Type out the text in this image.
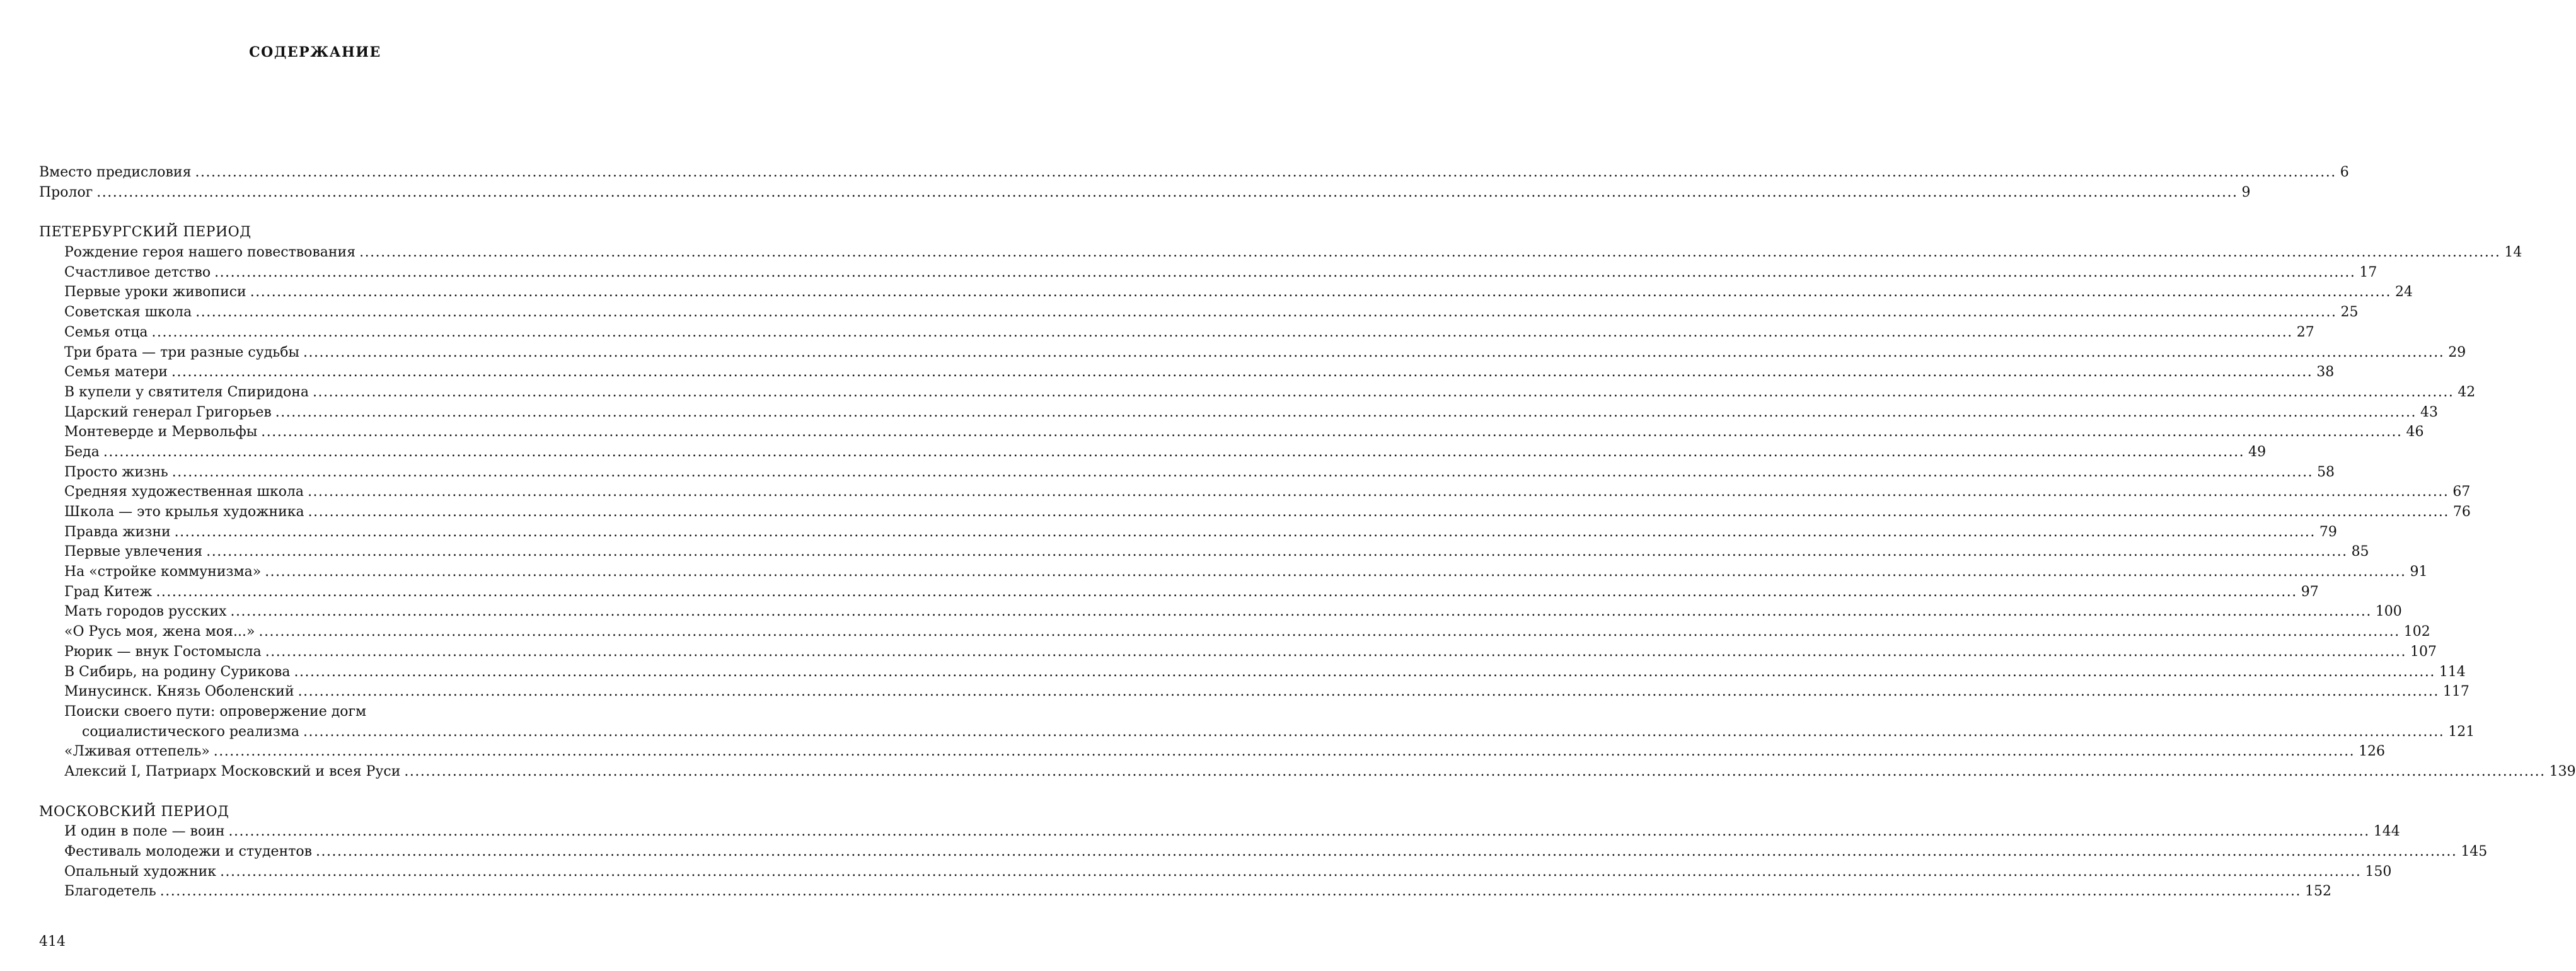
СОДЕРЖАНИЕ
Вместо предисловия ................................................................................................................................................................................................................................................................................................................................................................................................................ 6
Пролог ................................................................................................................................................................................................................................................................................................................................................................................................................ 9
ПЕТЕРБУРГСКИЙ ПЕРИОД
Рождение героя нашего повествования ................................................................................................................................................................................................................................................................................................................................................................................................................ 14
Счастливое детство ................................................................................................................................................................................................................................................................................................................................................................................................................ 17
Первые уроки живописи ................................................................................................................................................................................................................................................................................................................................................................................................................ 24
Советская школа ................................................................................................................................................................................................................................................................................................................................................................................................................ 25
Семья отца ................................................................................................................................................................................................................................................................................................................................................................................................................ 27
Три брата — три разные судьбы ................................................................................................................................................................................................................................................................................................................................................................................................................ 29
Семья матери ................................................................................................................................................................................................................................................................................................................................................................................................................ 38
В купели у святителя Спиридона ................................................................................................................................................................................................................................................................................................................................................................................................................ 42
Царский генерал Григорьев ................................................................................................................................................................................................................................................................................................................................................................................................................ 43
Монтеверде и Мервольфы ................................................................................................................................................................................................................................................................................................................................................................................................................ 46
Беда ................................................................................................................................................................................................................................................................................................................................................................................................................ 49
Просто жизнь ................................................................................................................................................................................................................................................................................................................................................................................................................ 58
Средняя художественная школа ................................................................................................................................................................................................................................................................................................................................................................................................................ 67
Школа — это крылья художника ................................................................................................................................................................................................................................................................................................................................................................................................................ 76
Правда жизни ................................................................................................................................................................................................................................................................................................................................................................................................................ 79
Первые увлечения ................................................................................................................................................................................................................................................................................................................................................................................................................ 85
На «стройке коммунизма» ................................................................................................................................................................................................................................................................................................................................................................................................................ 91
Град Китеж ................................................................................................................................................................................................................................................................................................................................................................................................................ 97
Мать городов русских ................................................................................................................................................................................................................................................................................................................................................................................................................ 100
«О Русь моя, жена моя...» ................................................................................................................................................................................................................................................................................................................................................................................................................ 102
Рюрик — внук Гостомысла ................................................................................................................................................................................................................................................................................................................................................................................................................ 107
В Сибирь, на родину Сурикова ................................................................................................................................................................................................................................................................................................................................................................................................................ 114
Минусинск. Князь Оболенский ................................................................................................................................................................................................................................................................................................................................................................................................................ 117
Поиски своего пути: опровержение догм
социалистического реализма ................................................................................................................................................................................................................................................................................................................................................................................................................ 121
«Лживая оттепель» ................................................................................................................................................................................................................................................................................................................................................................................................................ 126
Алексий I, Патриарх Московский и всея Руси ................................................................................................................................................................................................................................................................................................................................................................................................................ 139
МОСКОВСКИЙ ПЕРИОД
И один в поле — воин ................................................................................................................................................................................................................................................................................................................................................................................................................ 144
Фестиваль молодежи и студентов ................................................................................................................................................................................................................................................................................................................................................................................................................ 145
Опальный художник ................................................................................................................................................................................................................................................................................................................................................................................................................ 150
Благодетель ................................................................................................................................................................................................................................................................................................................................................................................................................ 152
414
